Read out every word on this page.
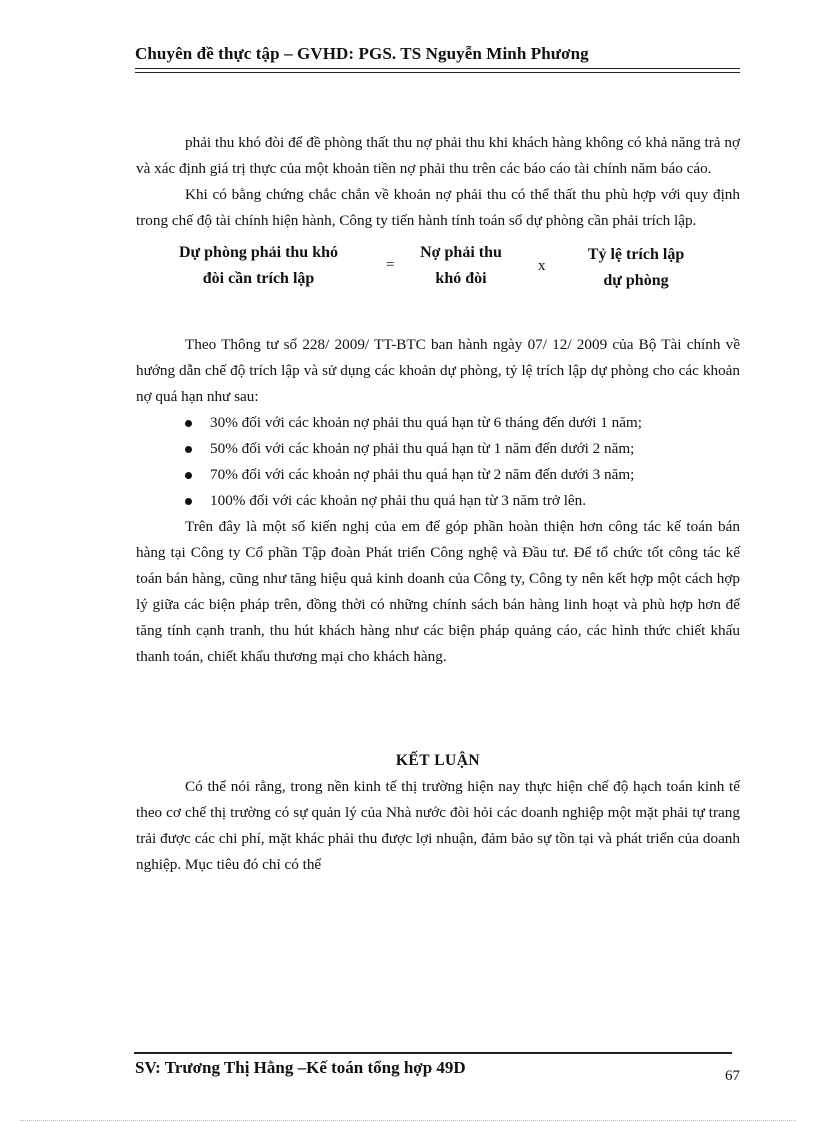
Chuyên đề thực tập – GVHD: PGS. TS Nguyễn Minh Phương

phải thu khó đòi để đề phòng thất thu nợ phải thu khi khách hàng không có khả năng trả nợ và xác định giá trị thực của một khoản tiền nợ phải thu trên các báo cáo tài chính năm báo cáo.

Khi có bằng chứng chắc chắn về khoản nợ phải thu có thể thất thu phù hợp với quy định trong chế độ tài chính hiện hành, Công ty tiến hành tính toán số dự phòng cần phải trích lập.

Dự phòng phải thu khó
đòi cần trích lập
=
Nợ phải thu
khó đòi
x
Tỷ lệ trích lập
dự phòng

Theo Thông tư số 228/ 2009/ TT-BTC ban hành ngày 07/ 12/ 2009 của Bộ Tài chính về hướng dẫn chế độ trích lập và sử dụng các khoản dự phòng, tỷ lệ trích lập dự phòng cho các khoản nợ quá hạn như sau:

30% đối với các khoản nợ phải thu quá hạn từ 6 tháng đến dưới 1 năm;
50% đối với các khoản nợ phải thu quá hạn từ 1 năm đến dưới 2 năm;
70% đối với các khoản nợ phải thu quá hạn từ 2 năm đến dưới 3 năm;
100% đối với các khoản nợ phải thu quá hạn từ 3 năm trở lên.

Trên đây là một số kiến nghị của em để góp phần hoàn thiện hơn công tác kế toán bán hàng tại Công ty Cổ phần Tập đoàn Phát triển Công nghệ và Đầu tư. Để tổ chức tốt công tác kế toán bán hàng, cũng như tăng hiệu quả kinh doanh của Công ty, Công ty nên kết hợp một cách hợp lý giữa các biện pháp trên, đồng thời có những chính sách bán hàng linh hoạt và phù hợp hơn để tăng tính cạnh tranh, thu hút khách hàng như các biện pháp quảng cáo, các hình thức chiết khấu thanh toán, chiết khấu thương mại cho khách hàng.

KẾT LUẬN

Có thể nói rằng, trong nền kinh tế thị trường hiện nay thực hiện chế độ hạch toán kinh tế theo cơ chế thị trường có sự quản lý của Nhà nước đòi hỏi các doanh nghiệp một mặt phải tự trang trải được các chi phí, mặt khác phải thu được lợi nhuận, đảm bảo sự tồn tại và phát triển của doanh nghiệp. Mục tiêu đó chỉ có thể

SV: Trương Thị Hằng –Kế toán tổng hợp 49D	67
